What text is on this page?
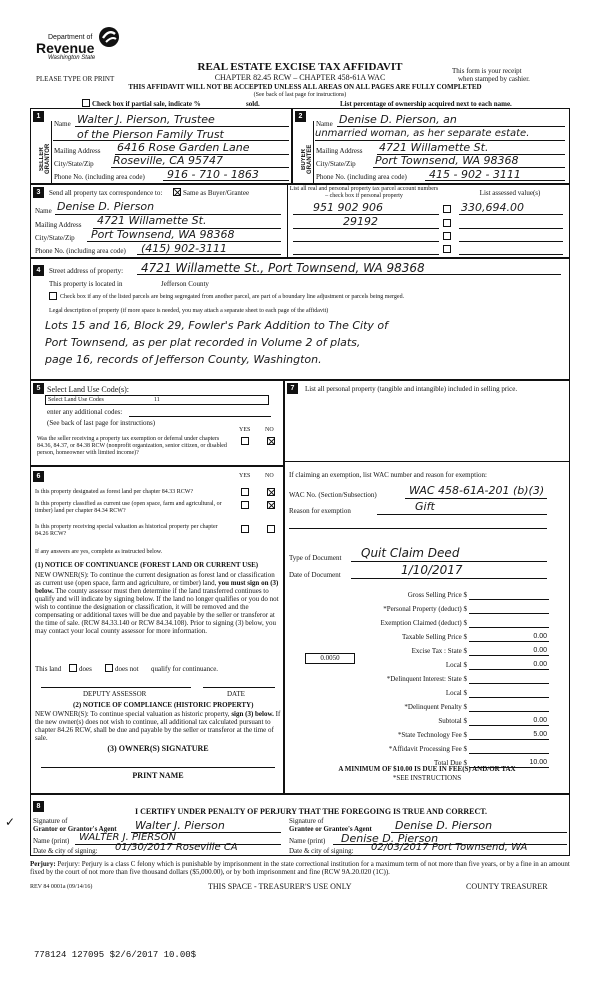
Department of
Revenue
Washington State
PLEASE TYPE OR PRINT
REAL ESTATE EXCISE TAX AFFIDAVIT
CHAPTER 82.45 RCW – CHAPTER 458-61A WAC
This form is your receipt
when stamped by cashier.
THIS AFFIDAVIT WILL NOT BE ACCEPTED UNLESS ALL AREAS ON ALL PAGES ARE FULLY COMPLETED
(See back of last page for instructions)
Check box if partial sale, indicate %	sold.	List percentage of ownership acquired next to each name.
1
SELLER GRANTOR
Name Walter J. Pierson, Trustee
of the Pierson Family Trust
Mailing Address 6416 Rose Garden Lane
City/State/Zip Roseville, CA 95747
Phone No. (including area code) 916 - 710 - 1863
2
BUYER GRANTEE
Name Denise D. Pierson, an
unmarried woman, as her separate estate.
Mailing Address 4721 Willamette St.
City/State/Zip Port Townsend, WA 98368
Phone No. (including area code) 415 - 902 - 3111
3	Send all property tax correspondence to:	Same as Buyer/Grantee
Name Denise D. Pierson
Mailing Address 4721 Willamette St.
City/State/Zip Port Townsend, WA 98368
Phone No. (including area code) (415) 902-3111
List all real and personal property tax parcel account numbers – check box if personal property	List assessed value(s)
951 902 906	330,694.00
29192
4	Street address of property: 4721 Willamette St., Port Townsend, WA 98368
This property is located in	Jefferson County
Check box if any of the listed parcels are being segregated from another parcel, are part of a boundary line adjustment or parcels being merged.
Legal description of property (if more space is needed, you may attach a separate sheet to each page of the affidavit)
Lots 15 and 16, Block 29, Fowler's Park Addition to The City of
Port Townsend, as per plat recorded in Volume 2 of plats,
page 16, records of Jefferson County, Washington.
5 Select Land Use Code(s):
Select Land Use Codes	11
enter any additional codes:
(See back of last page for instructions)
YES NO
Was the seller receiving a property tax exemption or deferral under chapters 84.36, 84.37, or 84.38 RCW (nonprofit organization, senior citizen, or disabled person, homeowner with limited income)?
6	YES NO
Is this property designated as forest land per chapter 84.33 RCW?
Is this property classified as current use (open space, farm and agricultural, or timber) land per chapter 84.34 RCW?
Is this property receiving special valuation as historical property per chapter 84.26 RCW?
If any answers are yes, complete as instructed below.
(1) NOTICE OF CONTINUANCE (FOREST LAND OR CURRENT USE)
NEW OWNER(S): To continue the current designation as forest land or classification as current use (open space, farm and agriculture, or timber) land, you must sign on (3) below. The county assessor must then determine if the land transferred continues to qualify and will indicate by signing below. If the land no longer qualifies or you do not wish to continue the designation or classification, it will be removed and the compensating or additional taxes will be due and payable by the seller or transferor at the time of sale. (RCW 84.33.140 or RCW 84.34.108). Prior to signing (3) below, you may contact your local county assessor for more information.
This land	does	does not qualify for continuance.
DEPUTY ASSESSOR	DATE
(2) NOTICE OF COMPLIANCE (HISTORIC PROPERTY)
NEW OWNER(S): To continue special valuation as historic property, sign (3) below. If the new owner(s) does not wish to continue, all additional tax calculated pursuant to chapter 84.26 RCW, shall be due and payable by the seller or transferor at the time of sale.
(3) OWNER(S) SIGNATURE
PRINT NAME
7	List all personal property (tangible and intangible) included in selling price.
If claiming an exemption, list WAC number and reason for exemption:
WAC No. (Section/Subsection)	WAC 458-61A-201 (b)(3)
Reason for exemption	Gift
Type of Document Quit Claim Deed
Date of Document	1/10/2017
Gross Selling Price $
*Personal Property (deduct) $
Exemption Claimed (deduct) $
Taxable Selling Price $	0.00
Excise Tax : State $	0.00
Local $	0.00
*Delinquent Interest: State $
Local $
*Delinquent Penalty $
Subtotal $	0.00
*State Technology Fee $	5.00
*Affidavit Processing Fee $
Total Due $	10.00
0.0050
A MINIMUM OF $10.00 IS DUE IN FEE(S) AND/OR TAX
*SEE INSTRUCTIONS
8
I CERTIFY UNDER PENALTY OF PERJURY THAT THE FOREGOING IS TRUE AND CORRECT.
✓	Signature of
Grantor or Grantor's Agent Walter J. Pierson
Name (print) WALTER J. PIERSON
Date & city of signing: 01/30/2017 Roseville CA
Signature of
Grantee or Grantee's Agent Denise D. Pierson
Name (print) Denise D. Pierson
Date & city of signing: 02/03/2017 Port Townsend, WA
Perjury: Perjury: Perjury is a class C felony which is punishable by imprisonment in the state correctional institution for a maximum term of not more than five years, or by a fine in an amount fixed by the court of not more than five thousand dollars ($5,000.00), or by both imprisonment and fine (RCW 9A.20.020 (1C)).
REV 84 0001a (09/14/16)	THIS SPACE - TREASURER'S USE ONLY	COUNTY TREASURER
778124 127095 $2/6/2017 10.00$
